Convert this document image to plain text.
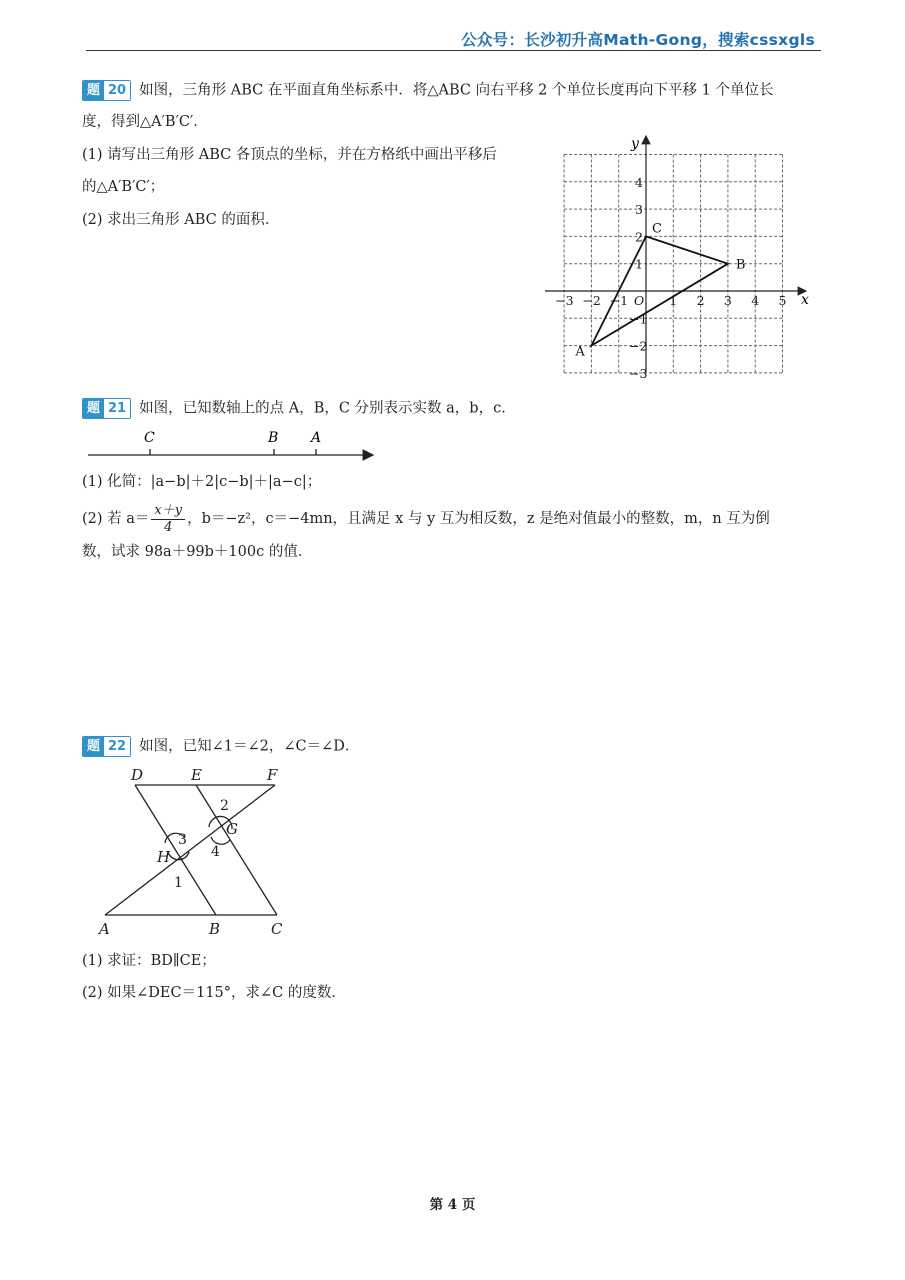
公众号：长沙初升高Math-Gong，搜索cssxgls
题 20 如图，三角形 ABC 在平面直角坐标系中．将△ABC 向右平移 2 个单位长度再向下平移 1 个单位长
度，得到△A′B′C′．
(1) 请写出三角形 ABC 各顶点的坐标，并在方格纸中画出平移后
的△A′B′C′；
(2) 求出三角形 ABC 的面积．
x
y
−3 −2 −1 O 1 2 3 4 5
4
3
2
1
−1
−2
−3
A
B
C
题 21 如图，已知数轴上的点 A，B，C 分别表示实数 a，b，c．
C	B A
(1) 化简：|a−b|＋2|c−b|＋|a−c|；
(2) 若 $a= \frac{x+y}{4}$ ，b＝−z²，c＝−4mn，且满足 x 与 y 互为相反数，z 是绝对值最小的整数，m，n 互为倒
数，试求 98a＋99b＋100c 的值．
题 22 如图，已知∠1＝∠2，∠C＝∠D．
D	E	F
A	B	C
H
G
1
2
3
4
(1) 求证：BD∥CE；
(2) 如果∠DEC＝115°，求∠C 的度数．
第 4 页
